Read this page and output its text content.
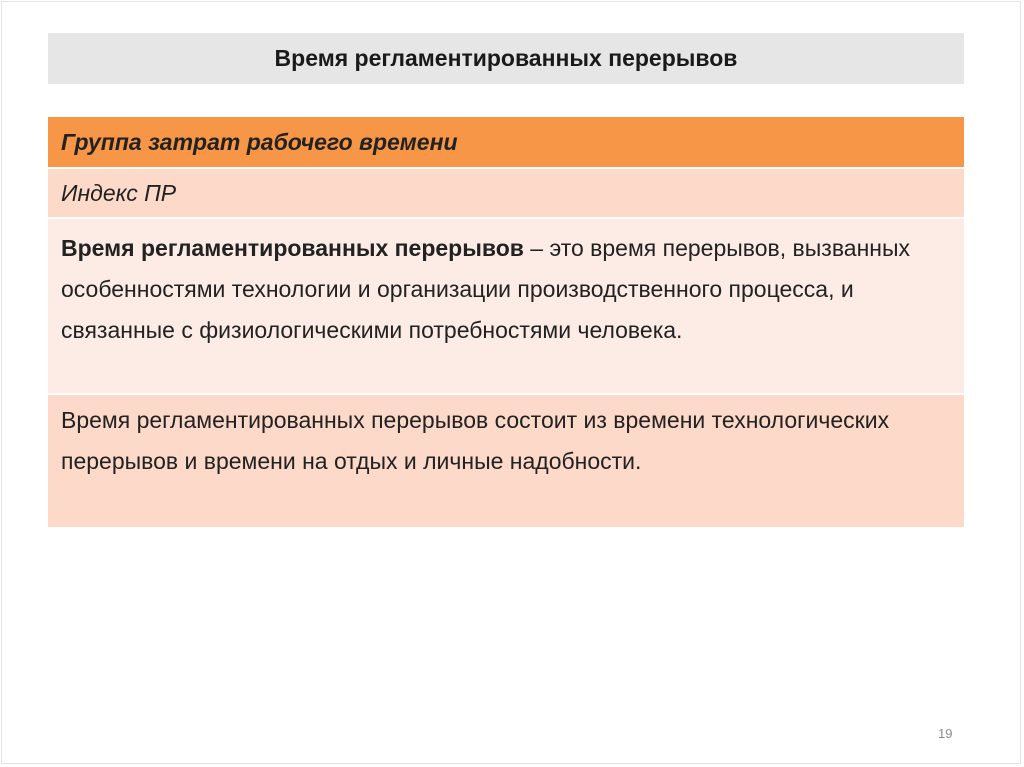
Время регламентированных перерывов
Группа затрат рабочего времени
Индекс ПР
Время регламентированных перерывов – это время перерывов, вызванных особенностями технологии и организации производственного процесса, и связанные с физиологическими потребностями человека.
Время регламентированных перерывов состоит из времени технологических перерывов и времени на отдых и личные надобности.
19
